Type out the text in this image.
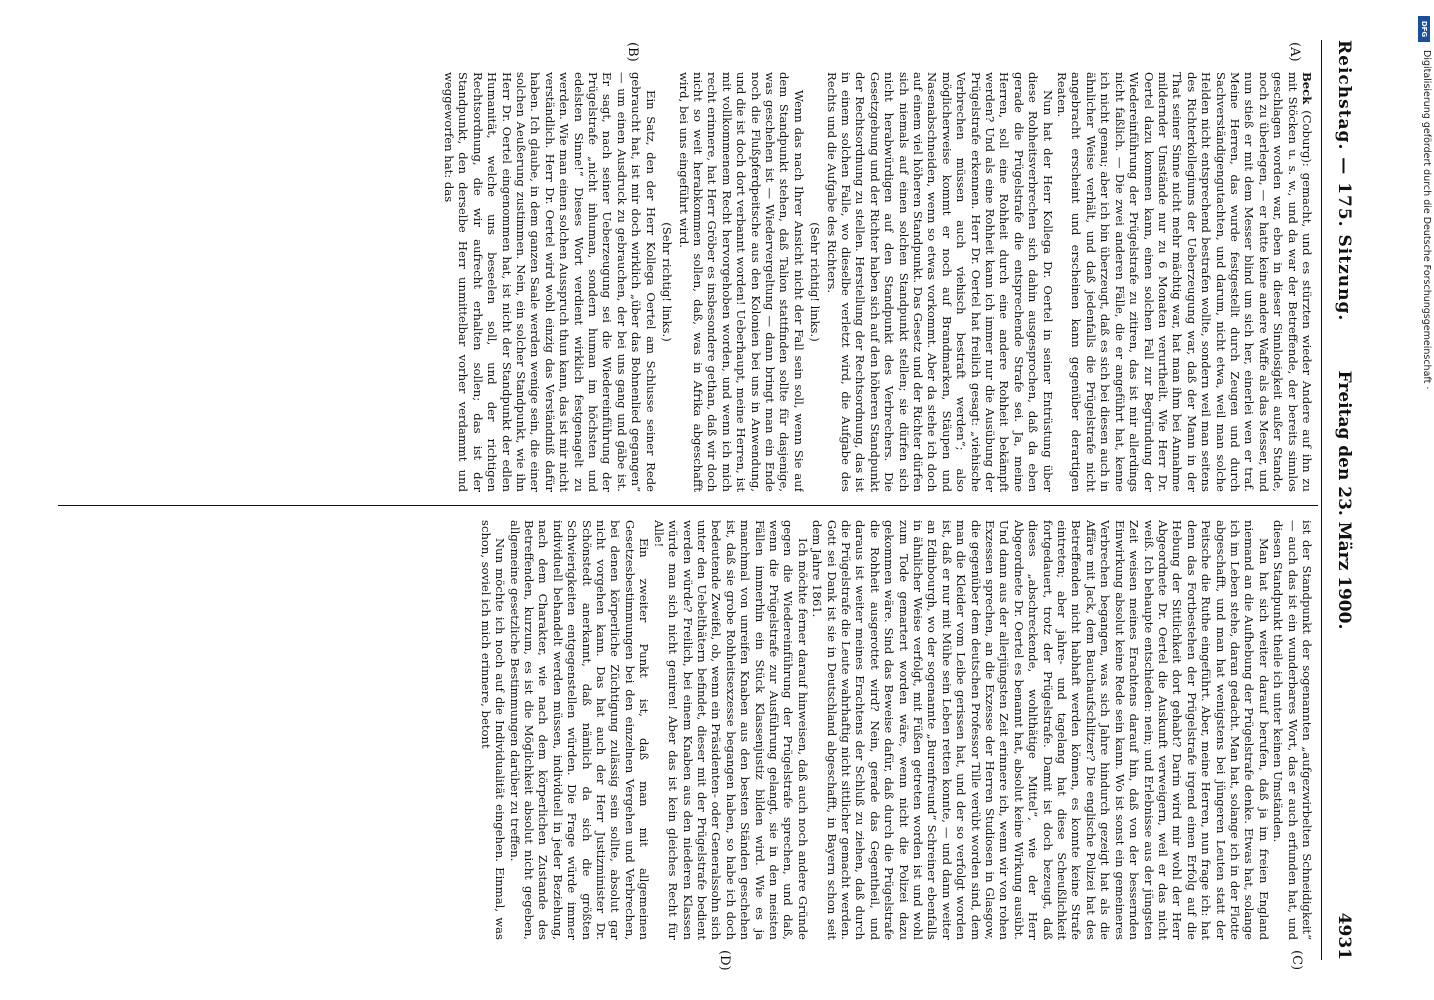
Reichstag. — 175. Sitzung.
Freitag den 23. März 1900.
4931
(A)
(B)
(C)
(D)

Beck (Coburg): gemacht, und es stürzten wieder Andere auf ihn zu mit Stöcken u. s. w., und da war der Betreffende, der bereits sinnlos geschlagen worden war, eben in dieser Sinnlosigkeit außer Stande, noch zu überlegen, — er hatte keine andere Waffe als das Messer, und nun stieß er mit dem Messer blind um sich her, einerlei wen er traf. Meine Herren, das wurde festgestellt durch Zeugen und durch Sachverständigengutachten, und darum, nicht etwa, weil man solche Helden nicht entsprechend bestrafen wollte, sondern weil man seitens des Richterkollegiums der Ueberzeugung war, daß der Mann in der That seiner Sinne nicht mehr mächtig war, hat man ihm bei Annahme mildernder Umstände nur zu 6 Monaten verurtheilt. Wie Herr Dr. Oertel dazu kommen kann, einen solchen Fall zur Begründung der Wiedereinführung der Prügelstrafe zu zitiren, das ist mir allerdings nicht faßlich. — Die zwei anderen Fälle, die er angeführt hat, kenne ich nicht genau; aber ich bin überzeugt, daß es sich bei diesen auch in ähnlicher Weise verhält, und daß jedenfalls die Prügelstrafe nicht angebracht erscheint und erscheinen kann gegenüber derartigen Reaten.

Nun hat der Herr Kollega Dr. Oertel in seiner Entrüstung über diese Rohheitsverbrechen sich dahin ausgesprochen, daß da eben gerade die Prügelstrafe die entsprechende Strafe sei. Ja, meine Herren, soll eine Rohheit durch eine andere Rohheit bekämpft werden? Und als eine Rohheit kann ich immer nur die Ausübung der Prügelstrafe erkennen. Herr Dr. Oertel hat freilich gesagt: „viehische Verbrechen müssen auch viehisch bestraft werden“; also möglicherweise kommt er noch auf Brandmarken, Stäupen und Nasenabschneiden, wenn so etwas vorkommt. Aber da stehe ich doch auf einem viel höheren Standpunkt. Das Gesetz und der Richter dürfen sich niemals auf einen solchen Standpunkt stellen; sie dürfen sich nicht herabwürdigen auf den Standpunkt des Verbrechers. Die Gesetzgebung und der Richter haben sich auf den höheren Standpunkt der Rechtsordnung zu stellen. Herstellung der Rechtsordnung, das ist in einem solchen Falle, wo dieselbe verletzt wird, die Aufgabe des Rechts und die Aufgabe des Richters.

(Sehr richtig! links.)

Wenn das nach Ihrer Ansicht nicht der Fall sein soll, wenn Sie auf dem Standpunkt stehen, daß Talion stattfinden sollte für dasjenige, was geschehen ist — Wiedervergeltung — dann bringt man ein Ende noch die Flußpferdpeitsche aus den Kolonien bei uns in Anwendung, und die ist doch dort verbannt worden! Ueberhaupt, meine Herren, ist mit vollkommenem Recht hervorgehoben worden, und wenn ich mich recht erinnere, hat Herr Gröber es insbesondere gethan, daß wir doch nicht so weit herabkommen sollen, daß, was in Afrika abgeschafft wird, bei uns eingeführt wird.

(Sehr richtig! links.)

Ein Satz, den der Herr Kollega Oertel am Schlusse seiner Rede gebraucht hat, ist mir doch wirklich „über das Bohnenlied gegangen“ — um einen Ausdruck zu gebrauchen, der bei uns gang und gäbe ist. Er sagt, nach seiner Ueberzeugung sei die Wiedereinführung der Prügelstrafe „nicht inhuman, sondern human im höchsten und edelsten Sinne!“ Dieses Wort verdient wirklich festgenagelt zu werden. Wie man einen solchen Ausspruch thun kann, das ist mir nicht verständlich. Herr Dr. Oertel wird wohl einzig das Verständniß dafür haben. Ich glaube, in dem ganzen Saale werden wenige sein, die einer solchen Aeußerung zustimmen. Nein, ein solcher Standpunkt, wie ihn Herr Dr. Oertel eingenommen hat, ist nicht der Standpunkt der edlen Humanität, welche uns beseelen soll, und der richtigen Rechtsordnung, die wir aufrecht erhalten sollen; das ist der Standpunkt, den derselbe Herr unmittelbar vorher verdammt und weggeworfen hat: das

ist der Standpunkt der sogenannten „aufgezwirbelten Schneidigkeit“ — auch das ist ein wunderbares Wort, das er auch erfunden hat, und diesen Standpunkt theile ich unter keinen Umständen.

Man hat sich weiter darauf berufen, daß ja im freien England niemand an die Aufhebung der Prügelstrafe denke. Etwas hat, solange ich im Leben stehe, daran gedacht. Man hat, solange ich in der Flotte abgeschafft, und man hat wenigstens bei jüngeren Leuten statt der Peitsche die Ruthe eingeführt. Aber, meine Herren, nun frage ich: hat denn das Fortbestehen der Prügelstrafe irgend einen Erfolg auf die Hebung der Sittlichkeit dort gehabt? Darin wird mir wohl der Herr Abgeordnete Dr. Oertel die Auskunft verweigern, weil er das nicht weiß. Ich behaupte entschieden: nein; und Erlebnisse aus der jüngsten Zeit weisen meines Erachtens darauf hin, daß von der bessernden Einwirkung absolut keine Rede sein kann. Wo ist sonst ein gemeineres Verbrechen begangen, was sich Jahre hindurch gezeigt hat als die Affäre mit Jack, dem Bauchaufschlitzer? Die englische Polizei hat des Betreffenden nicht habhaft werden können, es konnte keine Strafe eintreten; aber jahre- und tagelang hat diese Scheußlichkeit fortgedauert, trotz der Prügelstrafe. Damit ist doch bezeugt, daß dieses „abschreckende, wohlthätige Mittel“, wie der Herr Abgeordnete Dr. Oertel es benannt hat, absolut keine Wirkung ausübt. Und dann aus der allerjüngsten Zeit erinnere ich, wenn wir von rohen Exzessen sprechen, an die Exzesse der Herren Studiosen in Glasgow, die gegenüber dem deutschen Professor Tille verübt worden sind, dem man die Kleider vom Leibe gerissen hat, und der so verfolgt worden ist, daß er nur mit Mühe sein Leben retten konnte, — und dann weiter an Edinbourgh, wo der sogenannte „Burenfreund“ Schreiner ebenfalls in ähnlicher Weise verfolgt, mit Füßen getreten worden ist und wohl zum Tode gemartert worden wäre, wenn nicht die Polizei dazu gekommen wäre. Sind das Beweise dafür, daß durch die Prügelstrafe die Rohheit ausgerottet wird? Nein, gerade das Gegentheil, und daraus ist weiter meines Erachtens der Schluß zu ziehen, daß durch die Prügelstrafe die Leute wahrhaftig nicht sittlicher gemacht werden. Gott sei Dank ist sie in Deutschland abgeschafft, in Bayern schon seit dem Jahre 1861.

Ich möchte ferner darauf hinweisen, daß auch noch andere Gründe gegen die Wiedereinführung der Prügelstrafe sprechen, und daß, wenn die Prügelstrafe zur Ausführung gelangt, sie in den meisten Fällen immerhin ein Stück Klassenjustiz bilden wird. Wie es ja manchmal von unreifen Knaben aus den besten Ständen geschehen ist, daß sie grobe Rohheitsexzesse begangen haben, so habe ich doch bedeutende Zweifel, ob, wenn ein Präsidenten- oder Generalssohn sich unter den Uebelthätern befindet, dieser mit der Prügelstrafe bedient werden würde? Freilich, bei einem Knaben aus den niederen Klassen würde man sich nicht geniren! Aber das ist kein gleiches Recht für Alle!

Ein zweiter Punkt ist, daß man mit allgemeinen Gesetzesbestimmungen bei den einzelnen Vergehen und Verbrechen, bei denen körperliche Züchtigung zulässig sein sollte, absolut gar nicht vorgehen kann. Das hat auch der Herr Justizminister Dr. Schönstedt anerkannt, daß nämlich da sich die größten Schwierigkeiten entgegenstellen würden. Die Frage würde immer individuell behandelt werden müssen, individuell in jeder Beziehung, nach dem Charakter, wie nach dem körperlichen Zustande des Betreffenden, kurzum, es ist die Möglichkeit absolut nicht gegeben, allgemeine gesetzliche Bestimmungen darüber zu treffen.

Nun möchte ich noch auf die Individualität eingehen. Einmal, was schon, soviel ich mich erinnere, betont

DFG
Digitalisierung gefördert durch die Deutsche Forschungsgemeinschaft ·
